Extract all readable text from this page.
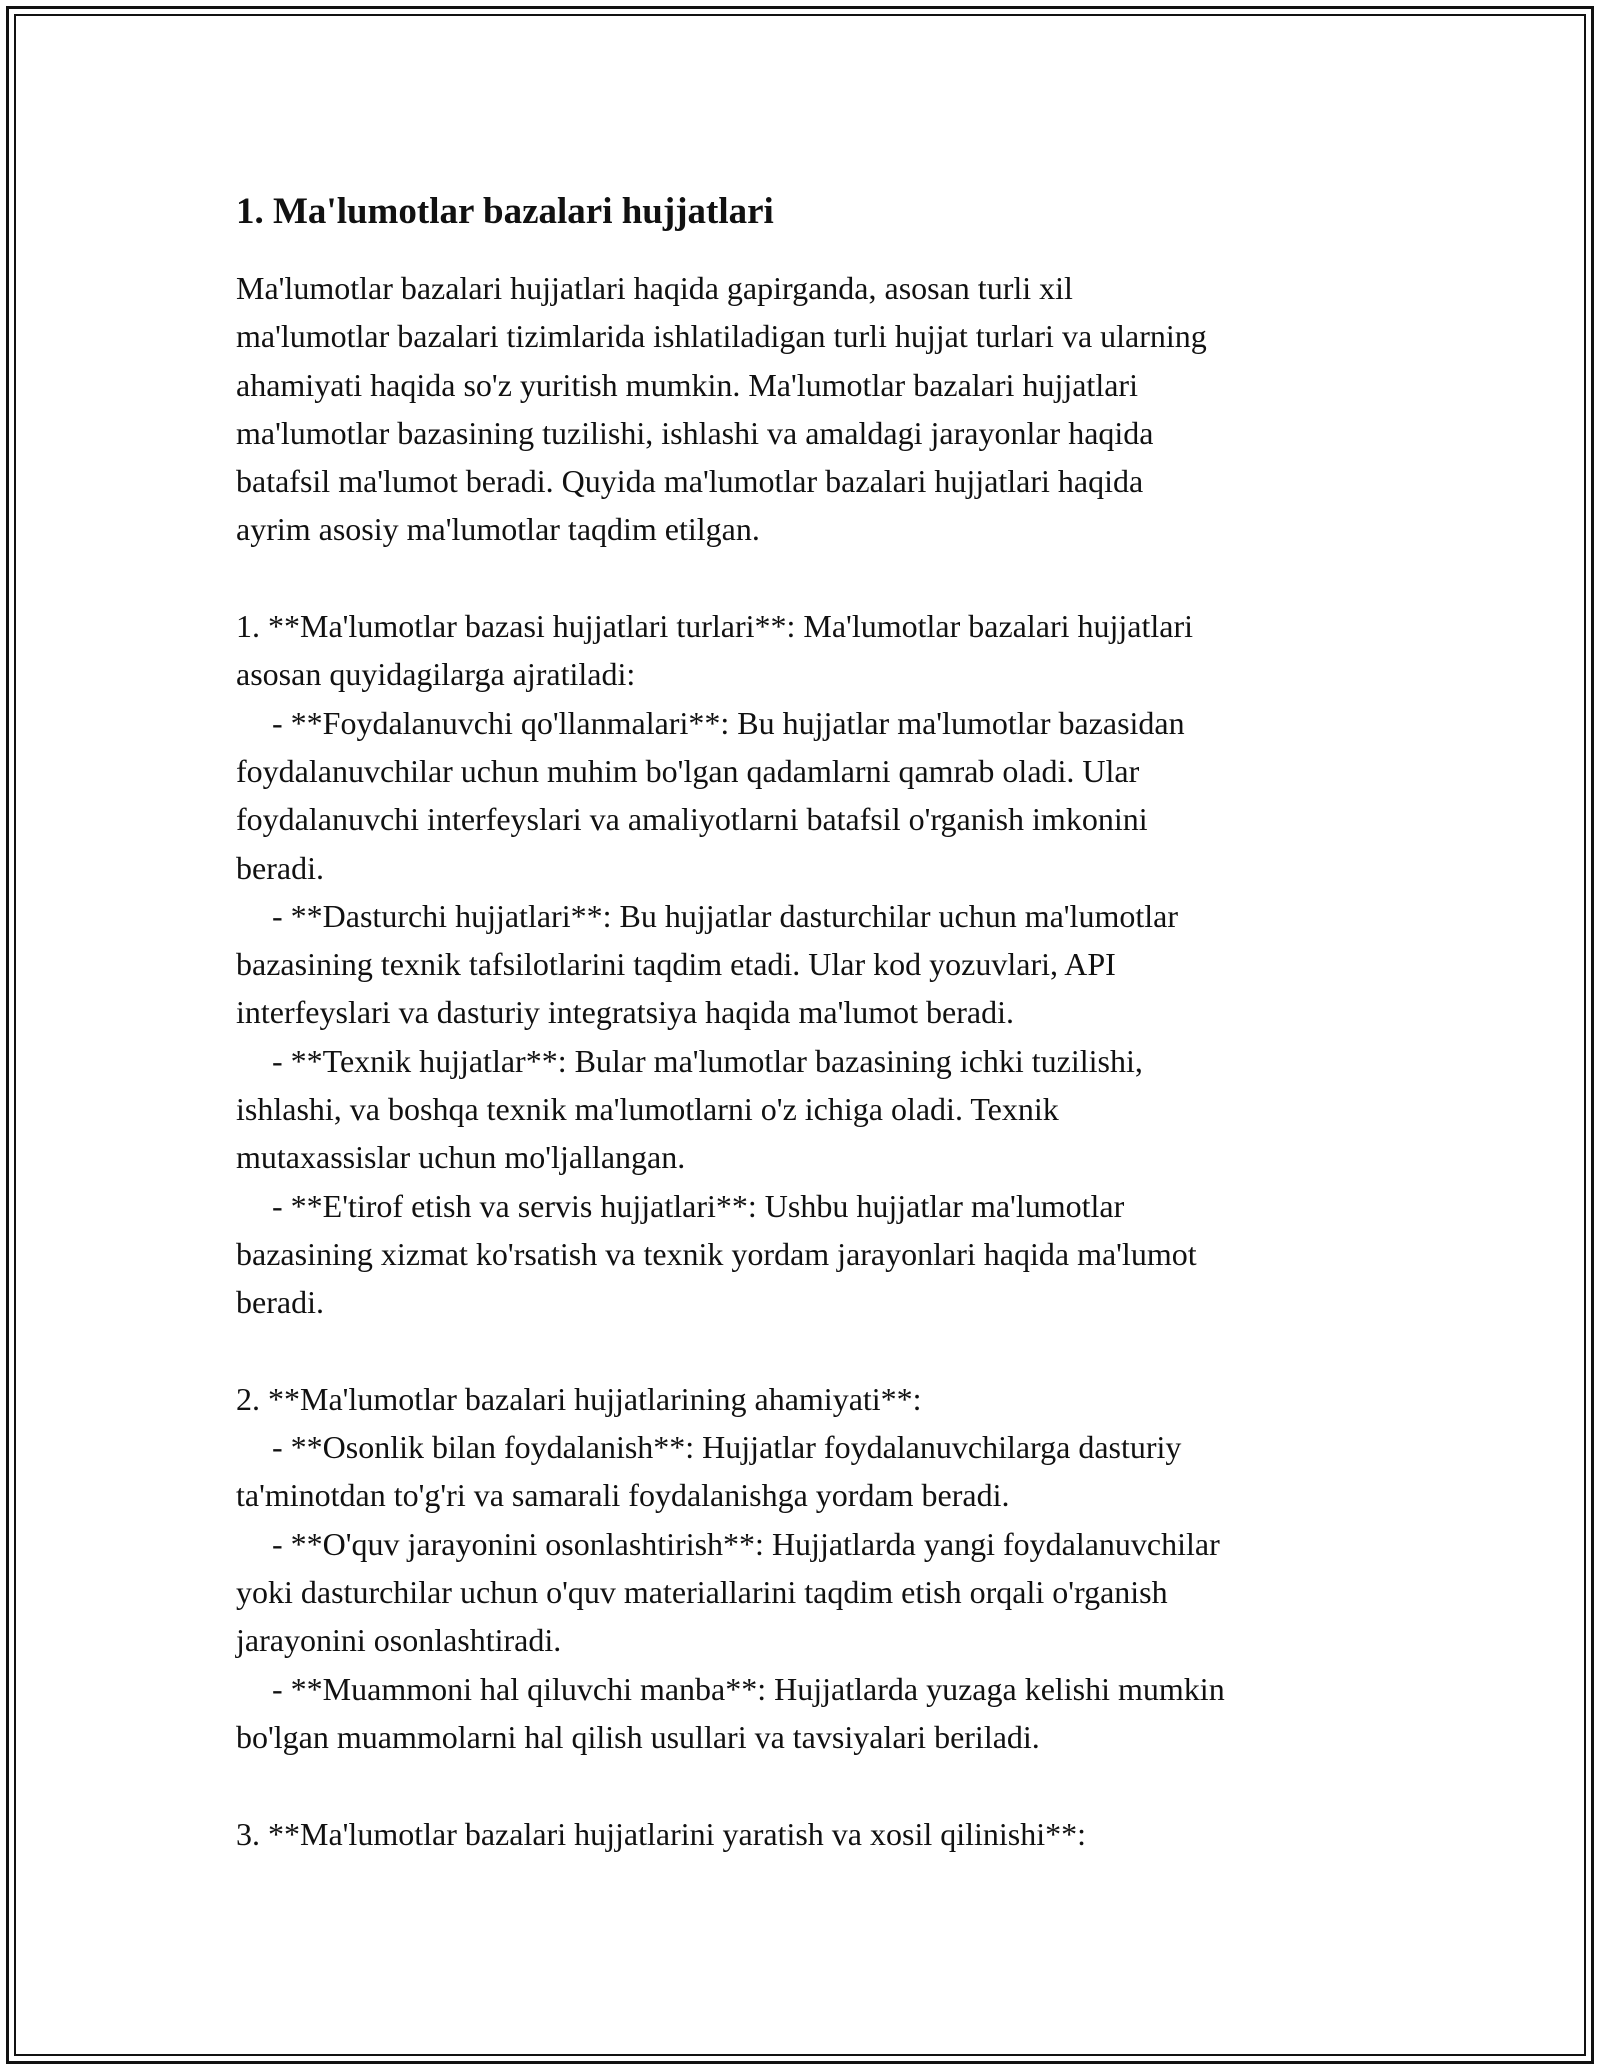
1. Ma'lumotlar bazalari hujjatlari
Ma'lumotlar bazalari hujjatlari haqida gapirganda, asosan turli xil
ma'lumotlar bazalari tizimlarida ishlatiladigan turli hujjat turlari va ularning
ahamiyati haqida so'z yuritish mumkin. Ma'lumotlar bazalari hujjatlari
ma'lumotlar bazasining tuzilishi, ishlashi va amaldagi jarayonlar haqida
batafsil ma'lumot beradi. Quyida ma'lumotlar bazalari hujjatlari haqida
ayrim asosiy ma'lumotlar taqdim etilgan.
1. **Ma'lumotlar bazasi hujjatlari turlari**: Ma'lumotlar bazalari hujjatlari
asosan quyidagilarga ajratiladi:
- **Foydalanuvchi qo'llanmalari**: Bu hujjatlar ma'lumotlar bazasidan
foydalanuvchilar uchun muhim bo'lgan qadamlarni qamrab oladi. Ular
foydalanuvchi interfeyslari va amaliyotlarni batafsil o'rganish imkonini
beradi.
- **Dasturchi hujjatlari**: Bu hujjatlar dasturchilar uchun ma'lumotlar
bazasining texnik tafsilotlarini taqdim etadi. Ular kod yozuvlari, API
interfeyslari va dasturiy integratsiya haqida ma'lumot beradi.
- **Texnik hujjatlar**: Bular ma'lumotlar bazasining ichki tuzilishi,
ishlashi, va boshqa texnik ma'lumotlarni o'z ichiga oladi. Texnik
mutaxassislar uchun mo'ljallangan.
- **E'tirof etish va servis hujjatlari**: Ushbu hujjatlar ma'lumotlar
bazasining xizmat ko'rsatish va texnik yordam jarayonlari haqida ma'lumot
beradi.
2. **Ma'lumotlar bazalari hujjatlarining ahamiyati**:
- **Osonlik bilan foydalanish**: Hujjatlar foydalanuvchilarga dasturiy
ta'minotdan to'g'ri va samarali foydalanishga yordam beradi.
- **O'quv jarayonini osonlashtirish**: Hujjatlarda yangi foydalanuvchilar
yoki dasturchilar uchun o'quv materiallarini taqdim etish orqali o'rganish
jarayonini osonlashtiradi.
- **Muammoni hal qiluvchi manba**: Hujjatlarda yuzaga kelishi mumkin
bo'lgan muammolarni hal qilish usullari va tavsiyalari beriladi.
3. **Ma'lumotlar bazalari hujjatlarini yaratish va xosil qilinishi**:
